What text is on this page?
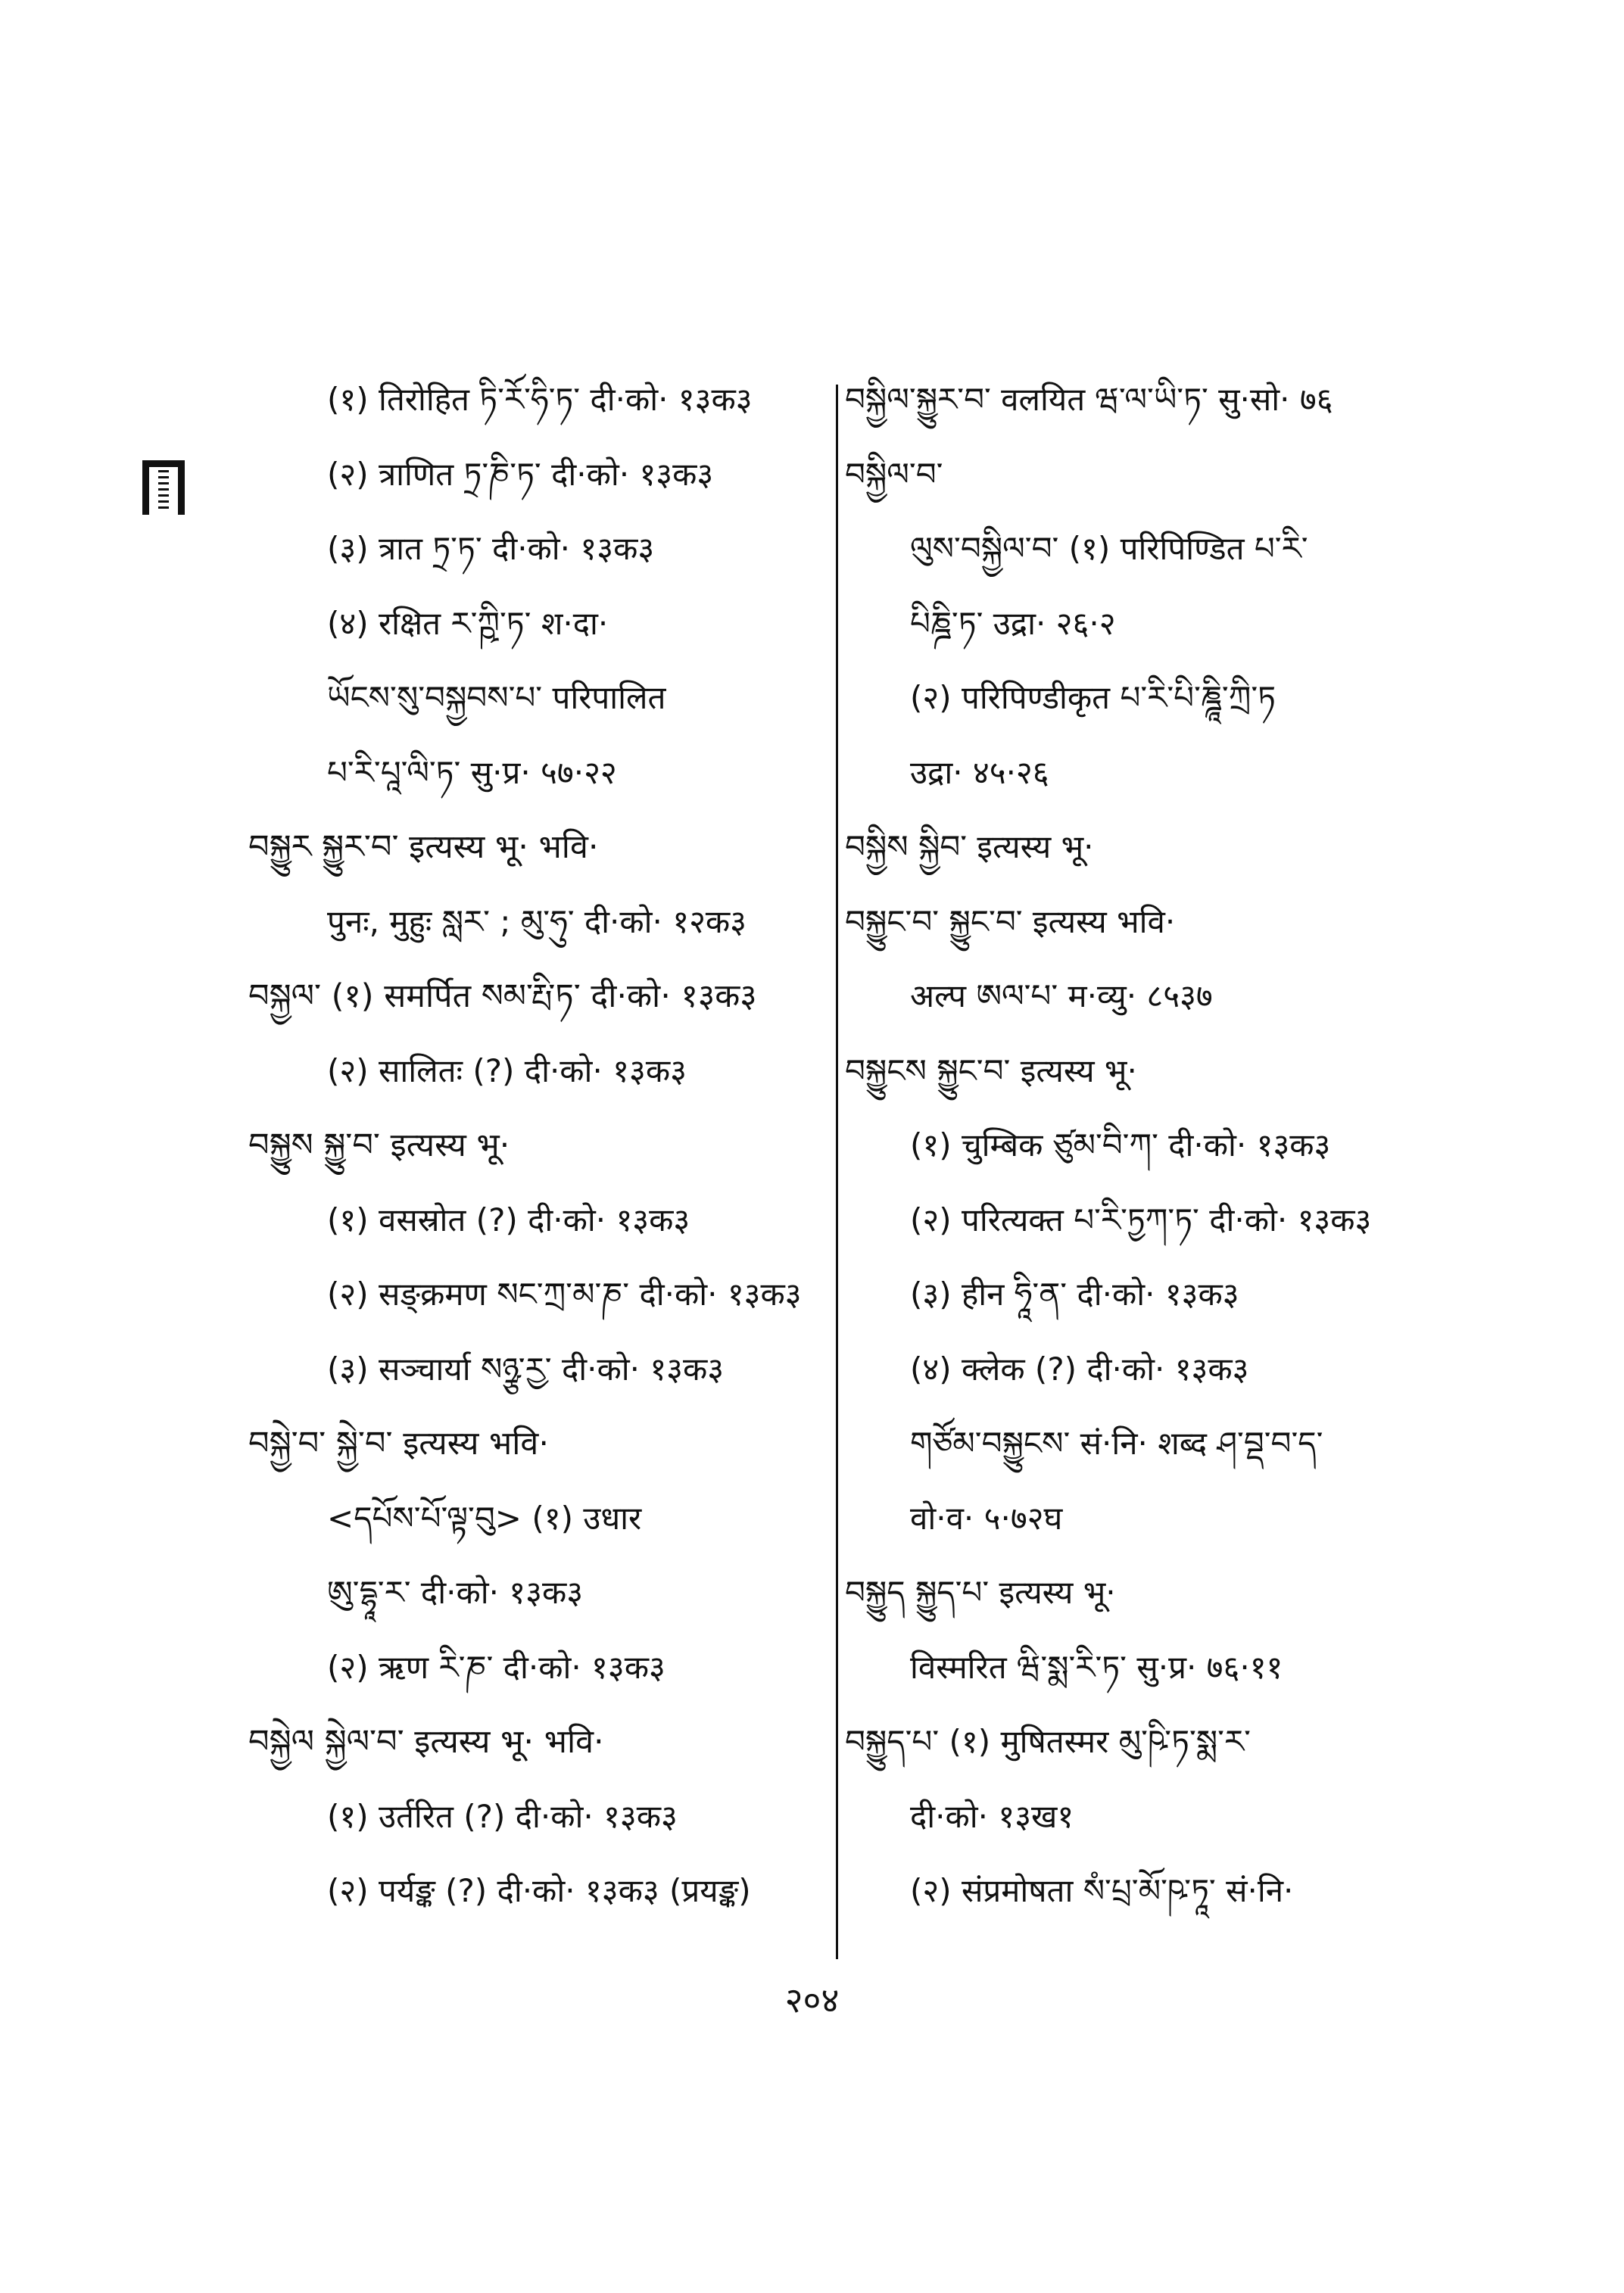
(१) तिरोहित ཏི་རོ་ཧི་ཏ་ दी·को· १३क३
(२) त्राणित ཏྲ་ཎི་ཏ་ दी·को· १३क३
(३) त्रात ཏྲ་ཏ་ दी·को· १३क३
(४) रक्षित ར་ཀྵི་ཏ་ श·दा·
ཡོངས་སུ་བསྐྱབས་པ་ परिपालित
པ་རི་པཱ་ལི་ཏ་ सु·प्र· ५७·२२
བསྐྱུར སྐྱུར་བ་ इत्यस्य भू· भवि·
पुनः, मुहुः སླར་ ; མུ་ཧུ་ दी·को· १२क३
བསྐྱལ་ (१) समर्पित སམ་རྤི་ཏ་ दी·को· १३क३
(२) सालितः (?) दी·को· १३क३
བསྐྱུས སྐྱུ་བ་ इत्यस्य भू·
(१) वसस्रोत (?) दी·को· १३क३
(२) सङ्क्रमण སང་ཀྲ་མ་ཎ་ दी·को· १३क३
(३) सञ्चार्या སཉྩ་རྱ་ दी·को· १३क३
བསྐྱེ་བ་ སྐྱེ་བ་ इत्यस्य भवि·
<དཔོས་པོ་ལྟ་བུ> (१) उधार
ཨུ་དྷཱ་ར་ दी·को· १३क३
(२) ऋण རི་ཎ་ दी·को· १३क३
བསྐྱེལ སྐྱེལ་བ་ इत्यस्य भू· भवि·
(१) उर्तरित (?) दी·को· १३क३
(२) पर्यङ्क (?) दी·को· १३क३ (प्रयङ्क)
བསྐྱིལ་སྐྱུར་བ་ वलयित ཝ་ལ་ཡི་ཏ་ सु·सो· ७६
བསྐྱིལ་བ་
ལུས་བསྐྱིལ་བ་ (१) परिपिण्डित པ་རི་
པིཎྜི་ཏ་ उद्रा· २६·२
(२) परिपिण्डीकृत པ་རི་པི་ཎྜཱི་ཀྲི་ཏ
उद्रा· ४५·२६
བསྐྱིས སྐྱིབ་ इत्यस्य भू·
བསྐྱུང་བ་ སྐྱུང་བ་ इत्यस्य भवि·
अल्प ཨལ་པ་ म·व्यु· ८५३७
བསྐྱུངས སྐྱུང་བ་ इत्यस्य भू·
(१) चुम्बिक ཙུམ་བི་ཀ་ दी·को· १३क३
(२) परित्यक्त པ་རི་ཏྱཀ་ཏ་ दी·को· १३क३
(३) हीन ཧཱི་ན་ दी·को· १३क३
(४) क्लेक (?) दी·को· १३क३
གཙོམ་བསྐྱུངས་ सं·नि· शब्द ཤ་བྡ་བ་ད་
वो·व· ५·७२घ
བསྐྱུད སྐྱུད་པ་ इत्यस्य भू·
विस्मरित ཝི་སྨ་རི་ཏ་ सु·प्र· ७६·११
བསྐྱུད་པ་ (१) मुषितस्मर མུ་ཥི་ཏ་སྨ་ར་
दी·को· १३ख१
(२) संप्रमोषता སཾ་པྲ་མོ་ཥ་ཏཱ་ सं·नि·
२०४
